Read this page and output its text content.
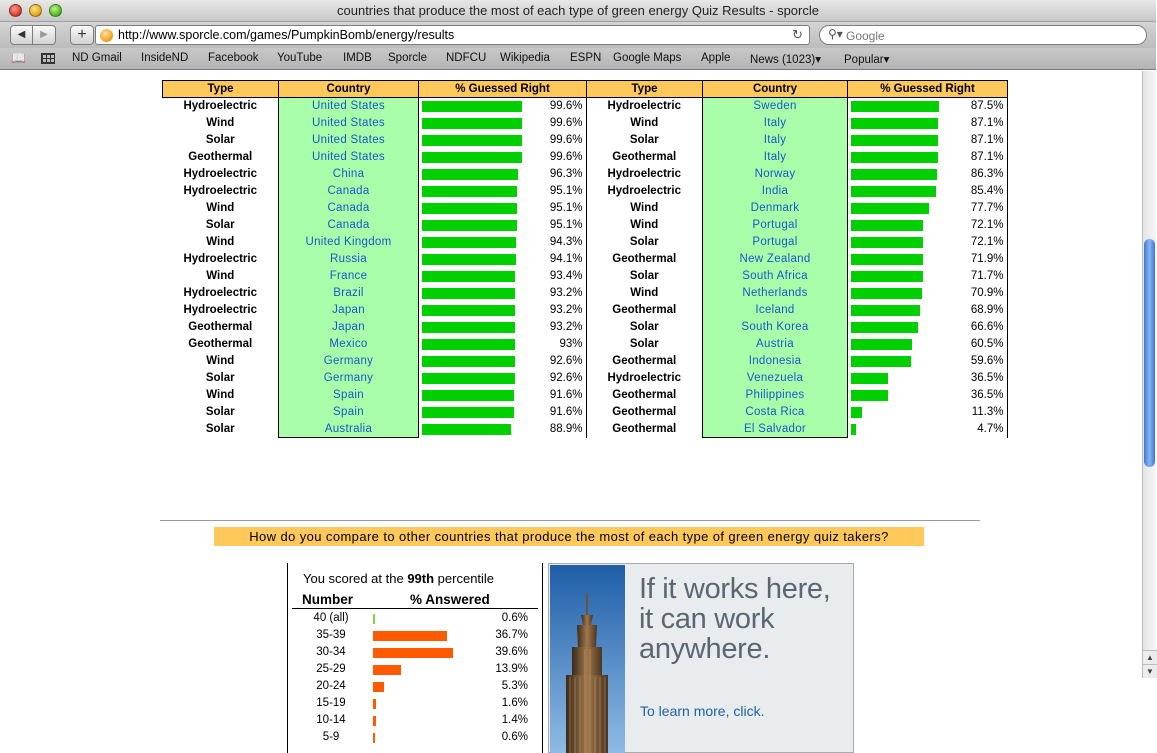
countries that produce the most of each type of green energy Quiz Results - sporcle
◀	▶	+	http://www.sporcle.com/games/PumpkinBomb/energy/results	↻ ⚲▾ Google
📖	ND Gmail InsideND Facebook YouTube IMDB Sporcle NDFCU Wikipedia ESPN Google Maps Apple News (1023)▾ Popular▾
Type	Country	% Guessed Right	
Hydroelectric	United States	99.6%	

Wind	United States	99.6%	

Solar	United States	99.6%	

Geothermal	United States	99.6%	

Hydroelectric	China	96.3%	

Hydroelectric	Canada	95.1%	

Wind	Canada	95.1%	

Solar	Canada	95.1%	

Wind	United Kingdom	94.3%	

Hydroelectric	Russia	94.1%	

Wind	France	93.4%	

Hydroelectric	Brazil	93.2%	

Hydroelectric	Japan	93.2%	

Geothermal	Japan	93.2%	

Geothermal	Mexico	93%	

Wind	Germany	92.6%	

Solar	Germany	92.6%	

Wind	Spain	91.6%	

Solar	Spain	91.6%	

Solar	Australia	88.9%	

Type	Country	% Guessed Right	
Hydroelectric	Sweden	87.5%	

Wind	Italy	87.1%	

Solar	Italy	87.1%	

Geothermal	Italy	87.1%	

Hydroelectric	Norway	86.3%	

Hydroelectric	India	85.4%	

Wind	Denmark	77.7%	

Wind	Portugal	72.1%	

Solar	Portugal	72.1%	

Geothermal	New Zealand	71.9%	

Solar	South Africa	71.7%	

Wind	Netherlands	70.9%	

Geothermal	Iceland	68.9%	

Solar	South Korea	66.6%	

Solar	Austria	60.5%	

Geothermal	Indonesia	59.6%	

Hydroelectric	Venezuela	36.5%	

Geothermal	Philippines	36.5%	

Geothermal	Costa Rica	11.3%	

Geothermal	El Salvador	4.7%	

How do you compare to other countries that produce the most of each type of green energy quiz takers?
You scored at the 99th percentile
Number	% Answered
40 (all)	0.6%
35-39	36.7%
30-34	39.6%
25-29	13.9%
20-24	5.3%
15-19	1.6%
10-14	1.4%
5-9	0.6%
If it works here, it can work anywhere.
To learn more, click.
▲
▼
